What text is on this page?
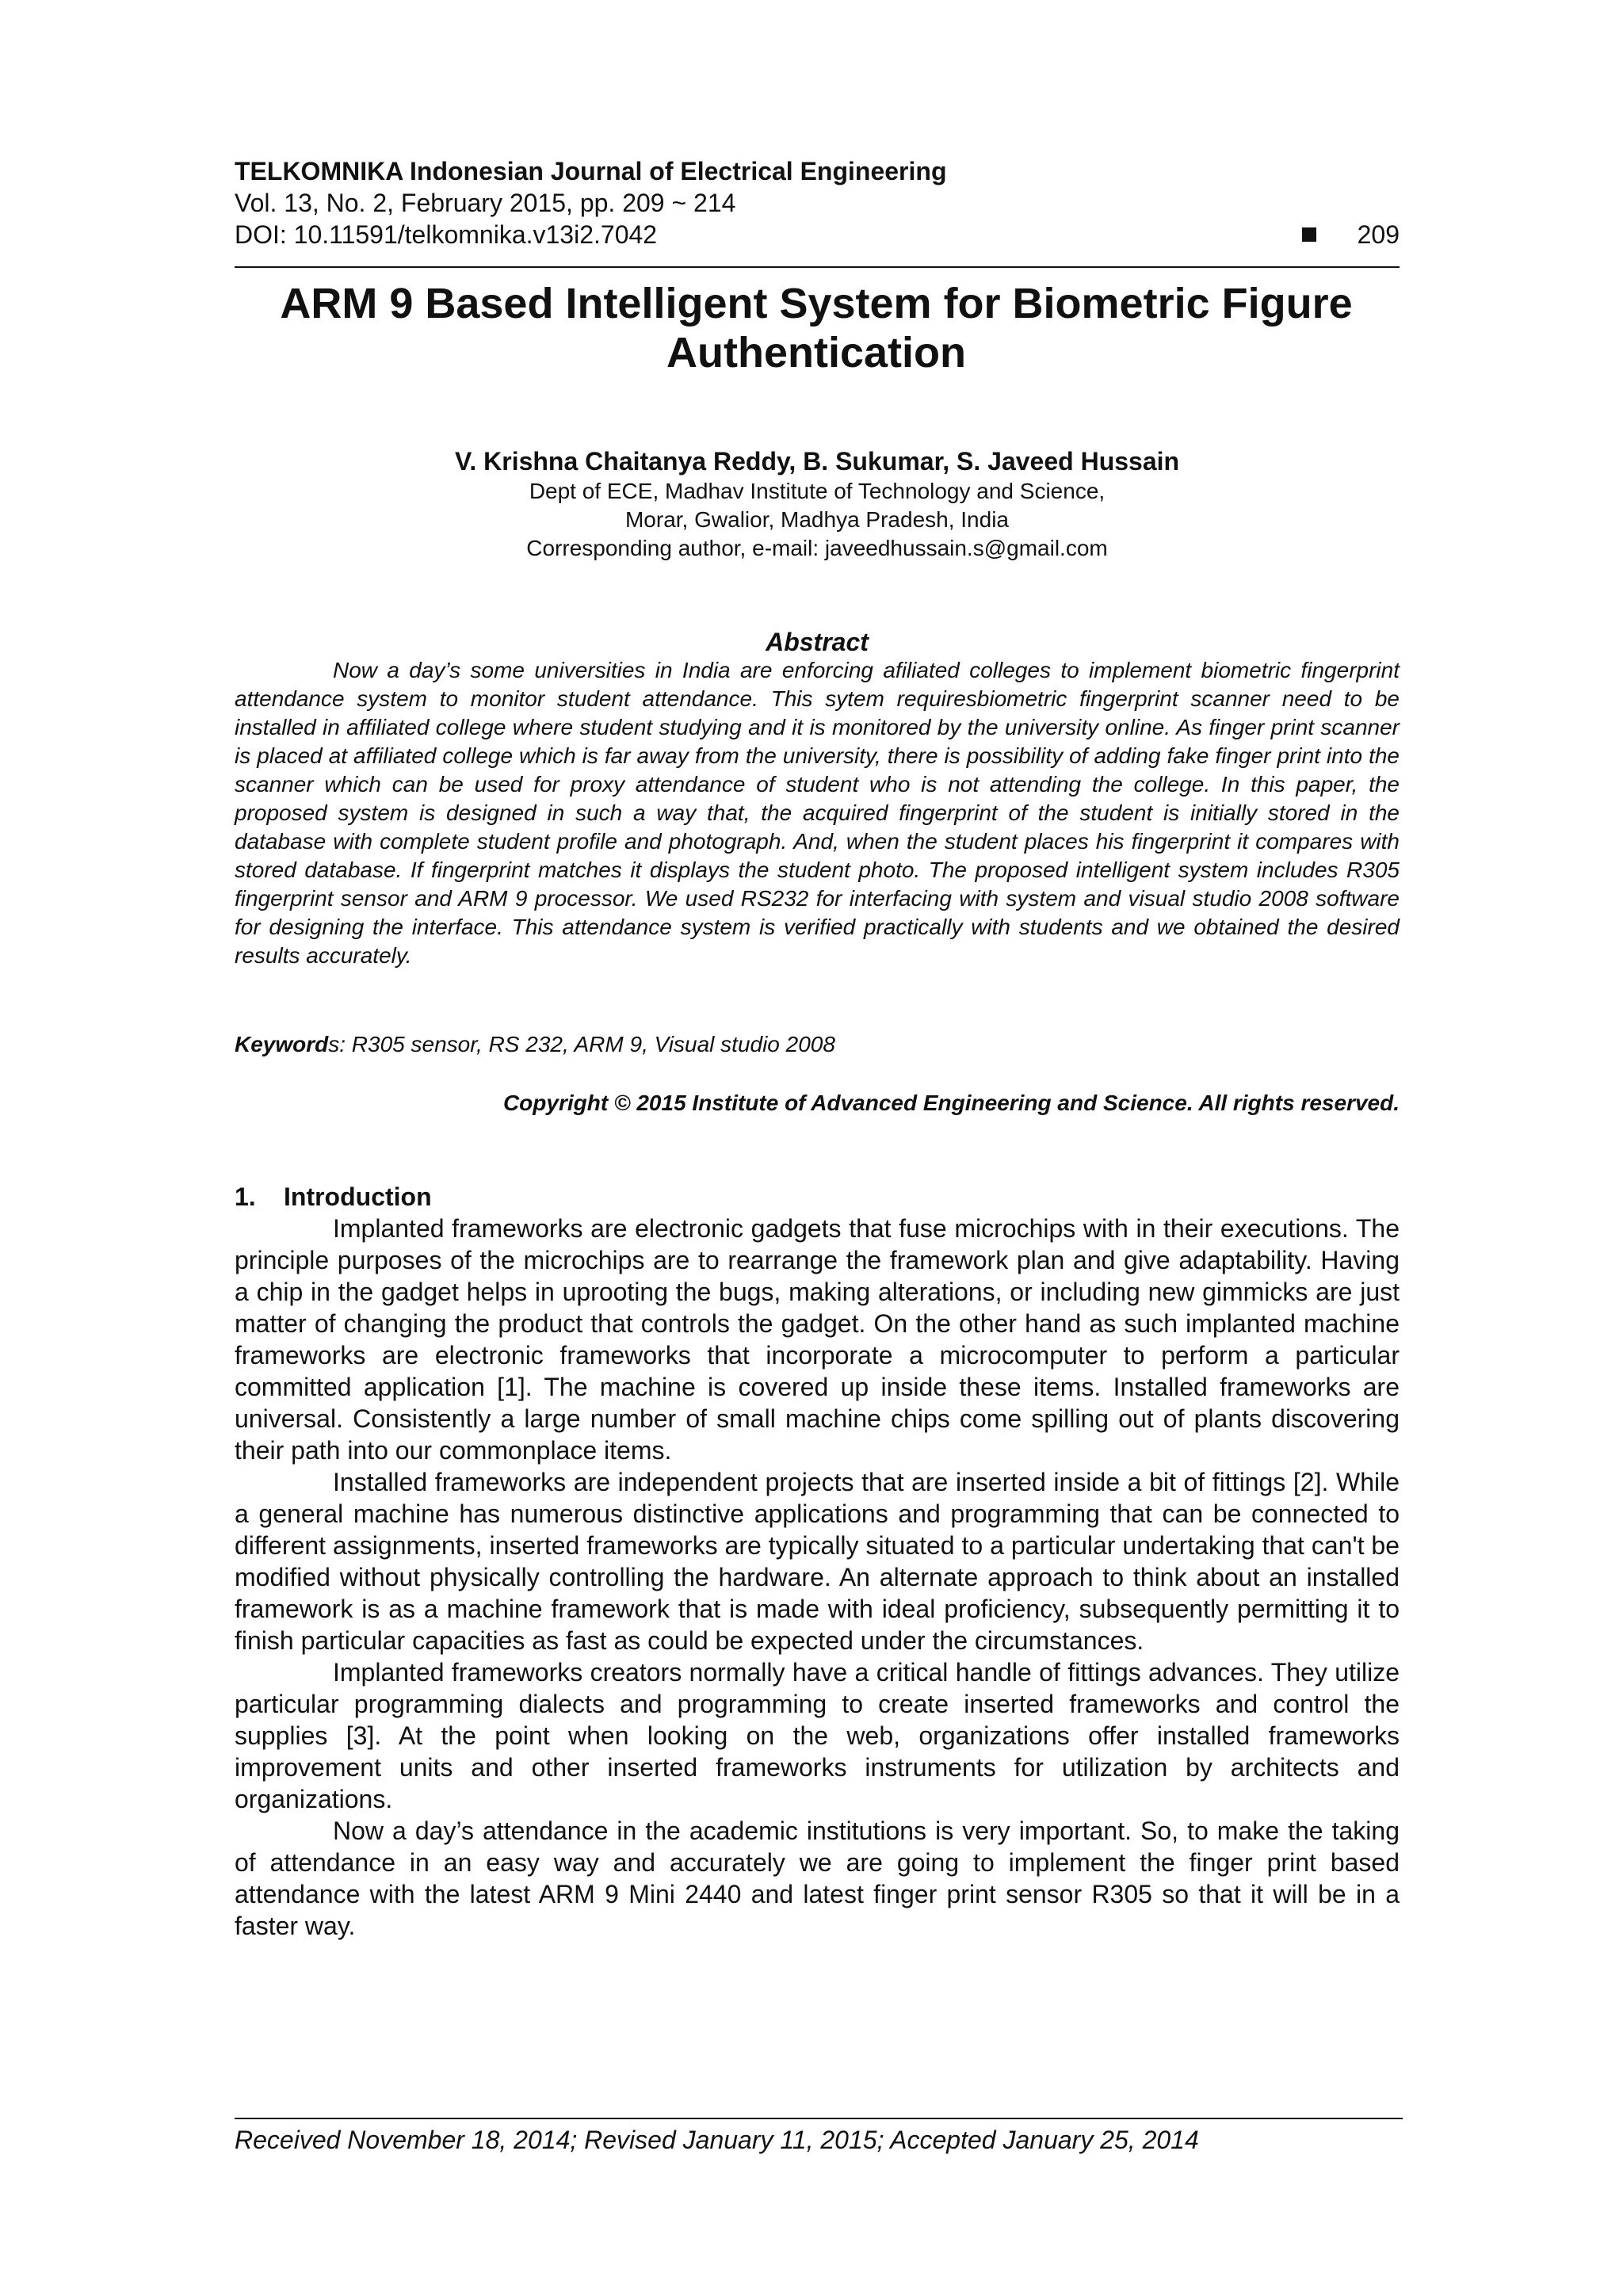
TELKOMNIKA Indonesian Journal of Electrical Engineering
Vol. 13, No. 2, February 2015, pp. 209 ~ 214
DOI: 10.11591/telkomnika.v13i2.7042	209
ARM 9 Based Intelligent System for Biometric Figure
Authentication
V. Krishna Chaitanya Reddy, B. Sukumar, S. Javeed Hussain
Dept of ECE, Madhav Institute of Technology and Science,
Morar, Gwalior, Madhya Pradesh, India
Corresponding author, e-mail: javeedhussain.s@gmail.com
Abstract

Now a day’s some universities in India are enforcing afiliated colleges to implement biometric fingerprint attendance system to monitor student attendance. This sytem requiresbiometric fingerprint scanner need to be installed in affiliated college where student studying and it is monitored by the university online. As finger print scanner is placed at affiliated college which is far away from the university, there is possibility of adding fake finger print into the scanner which can be used for proxy attendance of student who is not attending the college. In this paper, the proposed system is designed in such a way that, the acquired fingerprint of the student is initially stored in the database with complete student profile and photograph. And, when the student places his fingerprint it compares with stored database. If fingerprint matches it displays the student photo. The proposed intelligent system includes R305 fingerprint sensor and ARM 9 processor. We used RS232 for interfacing with system and visual studio 2008 software for designing the interface. This attendance system is verified practically with students and we obtained the desired results accurately.

Keywords: R305 sensor, RS 232, ARM 9, Visual studio 2008
Copyright © 2015 Institute of Advanced Engineering and Science. All rights reserved.
1. Introduction

Implanted frameworks are electronic gadgets that fuse microchips with in their executions. The principle purposes of the microchips are to rearrange the framework plan and give adaptability. Having a chip in the gadget helps in uprooting the bugs, making alterations, or including new gimmicks are just matter of changing the product that controls the gadget. On the other hand as such implanted machine frameworks are electronic frameworks that incorporate a microcomputer to perform a particular committed application [1]. The machine is covered up inside these items. Installed frameworks are universal. Consistently a large number of small machine chips come spilling out of plants discovering their path into our commonplace items.

Installed frameworks are independent projects that are inserted inside a bit of fittings [2]. While a general machine has numerous distinctive applications and programming that can be connected to different assignments, inserted frameworks are typically situated to a particular undertaking that can't be modified without physically controlling the hardware. An alternate approach to think about an installed framework is as a machine framework that is made with ideal proficiency, subsequently permitting it to finish particular capacities as fast as could be expected under the circumstances.

Implanted frameworks creators normally have a critical handle of fittings advances. They utilize particular programming dialects and programming to create inserted frameworks and control the supplies [3]. At the point when looking on the web, organizations offer installed frameworks improvement units and other inserted frameworks instruments for utilization by architects and organizations.

Now a day’s attendance in the academic institutions is very important. So, to make the taking of attendance in an easy way and accurately we are going to implement the finger print based attendance with the latest ARM 9 Mini 2440 and latest finger print sensor R305 so that it will be in a faster way.

Received November 18, 2014; Revised January 11, 2015; Accepted January 25, 2014
